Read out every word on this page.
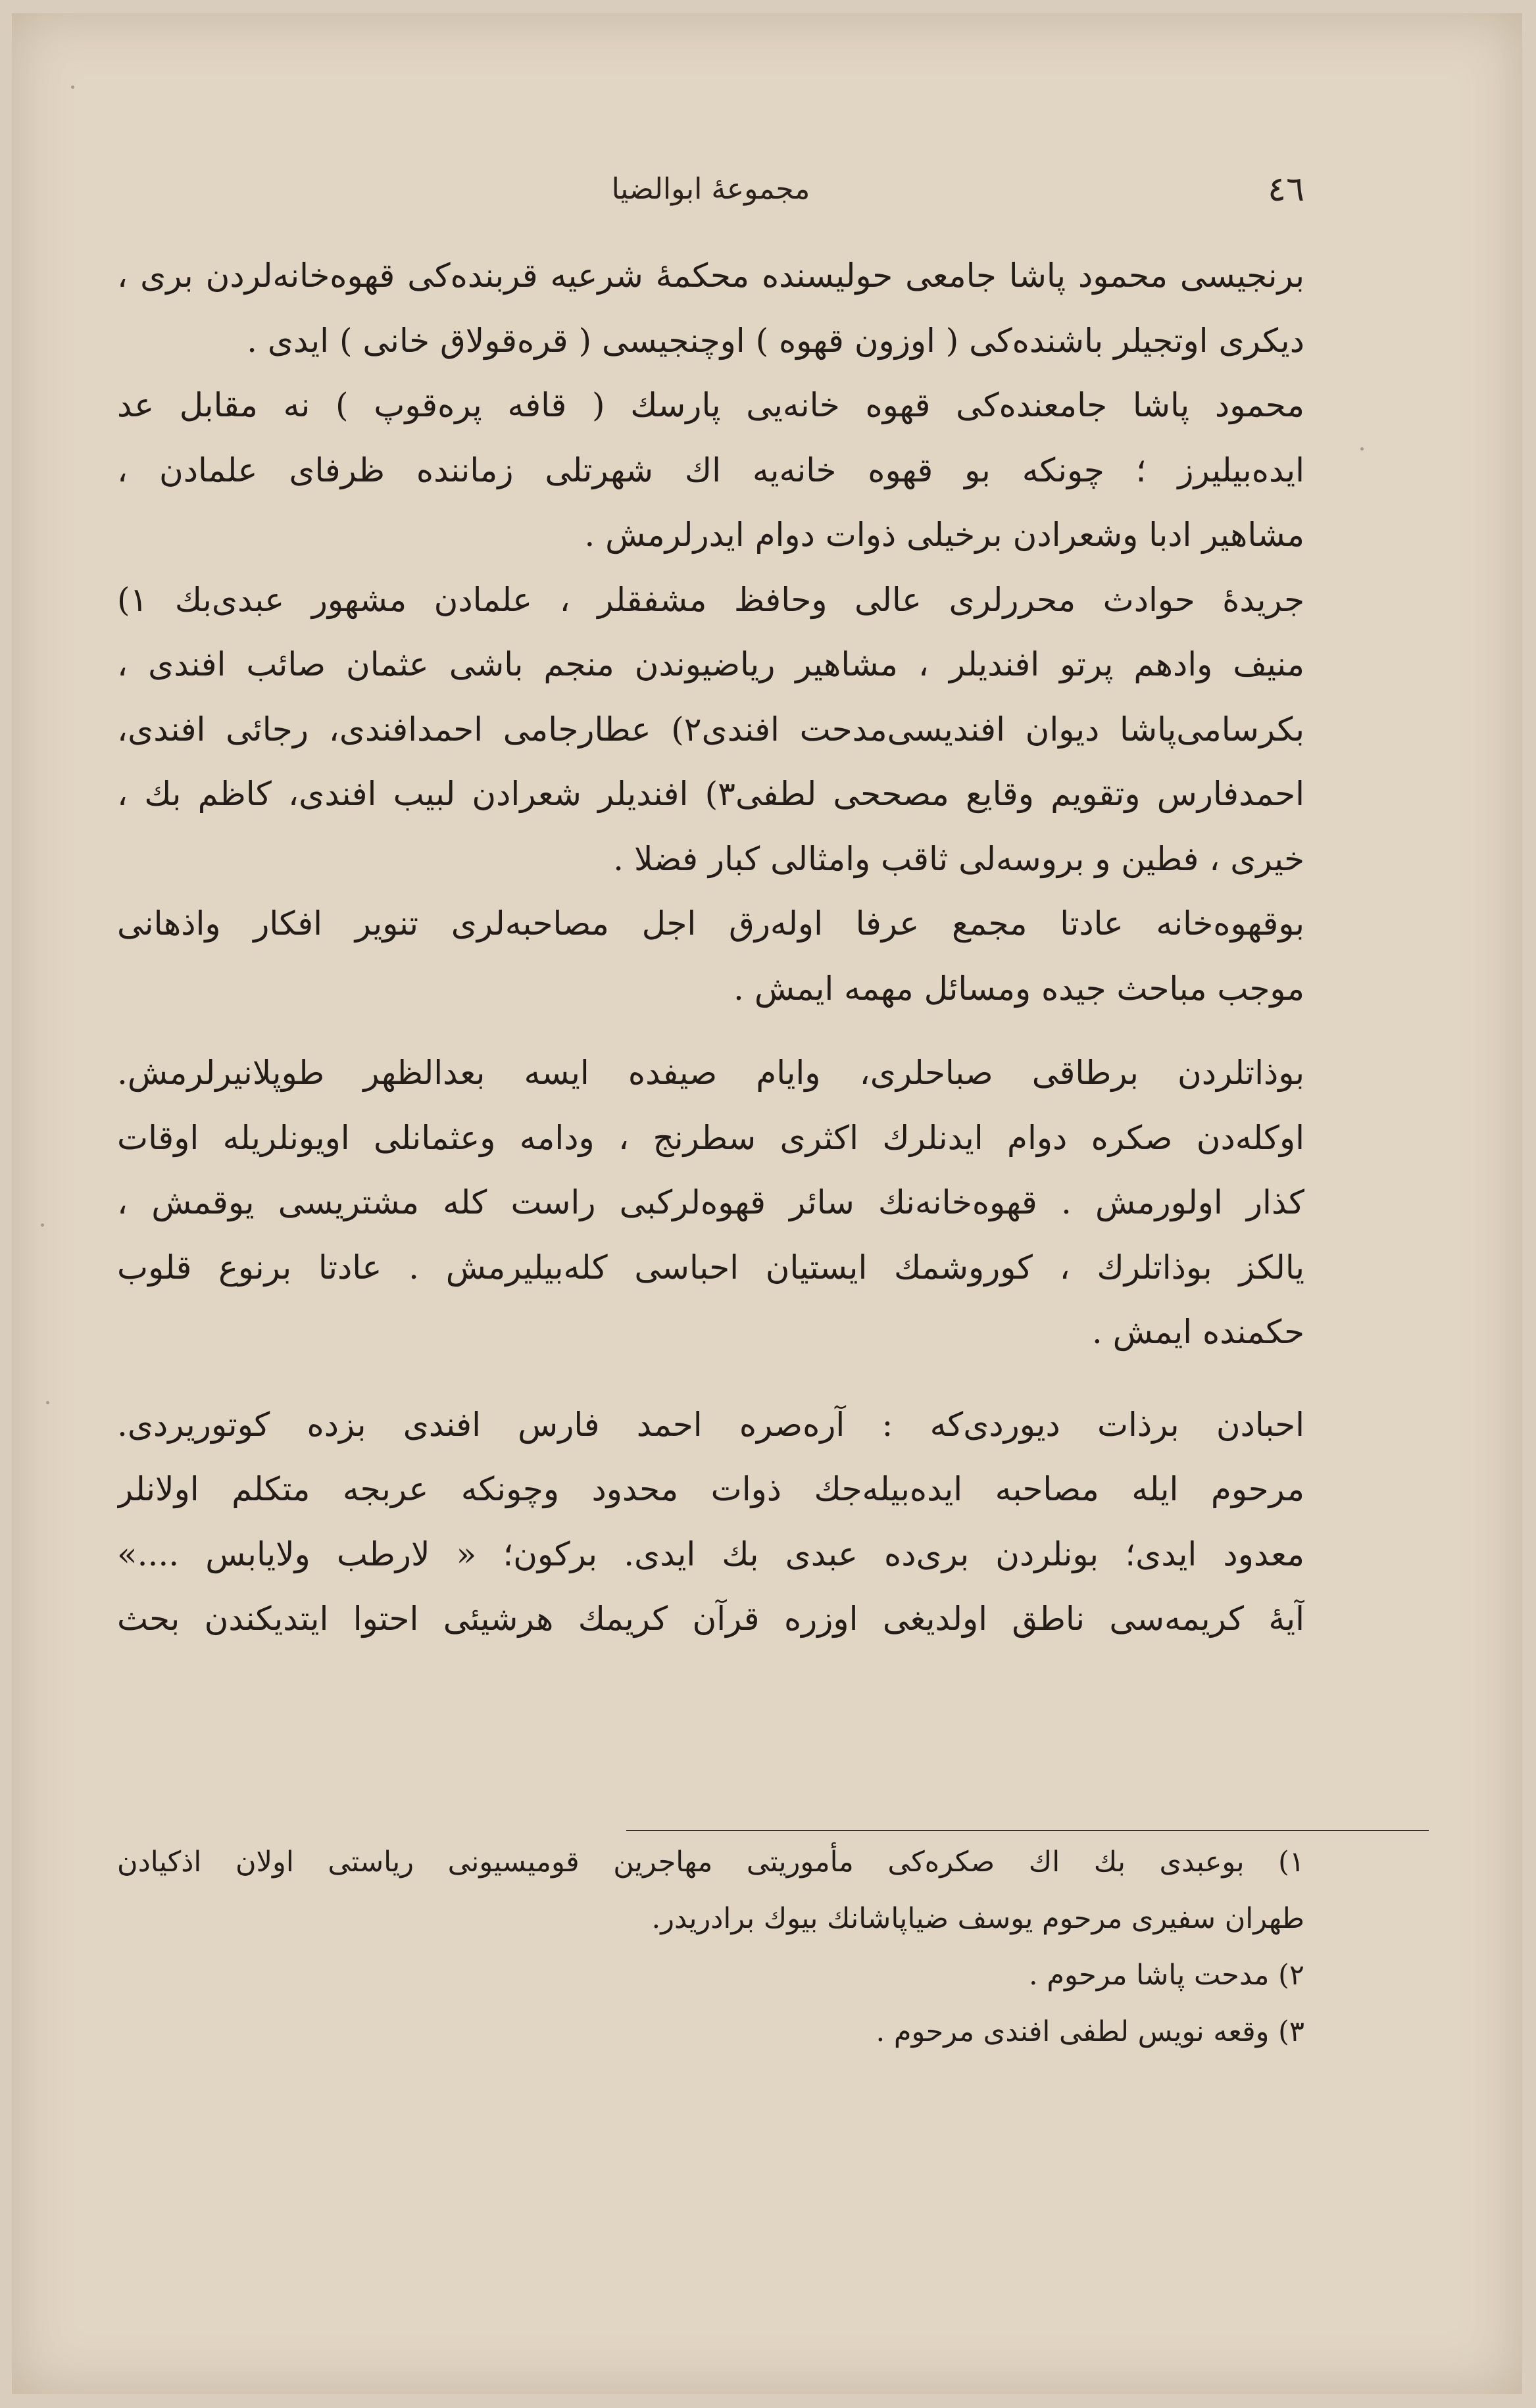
٤٦
مجموعهٔ ابوالضیا

برنجیسی محمود پاشا جامعی حولیسنده محکمهٔ شرعیه قربنده‌کی قهوه‌خانه‌لردن بری ،
دیکری اوتجیلر باشنده‌کی ( اوزون قهوه ) اوچنجیسی ( قره‌قولاق خانی ) ایدی .

محمود پاشا جامعنده‌کی قهوه خانه‌یی پارسك ( قافه پره‌قوپ ) نه مقابل عد
ایده‌بیلیرز ؛ چونکه بو قهوه خانه‌یه اك شهرتلی زماننده ظرفای علمادن ،
مشاهیر ادبا وشعرادن برخیلی ذوات دوام ایدرلرمش .

جریدهٔ حوادث محررلری عالی وحافظ مشفقلر ، علمادن مشهور عبدی‌بك ١)
منیف وادهم پرتو افندیلر ، مشاهیر ریاضیوندن منجم باشی عثمان صائب افندی ،
بکرسامی‌پاشا دیوان افندیسی‌مدحت افندی٢) عطارجامی احمدافندی، رجائی افندی،
احمدفارس وتقویم وقایع مصححی لطفی٣) افندیلر شعرادن لبیب افندی، کاظم بك ،
خیری ، فطین و بروسه‌لی ثاقب وامثالی کبار فضلا .

بوقهوه‌خانه عادتا مجمع عرفا اوله‌رق اجل مصاحبه‌لری تنویر افکار واذهانی
موجب مباحث جیده ومسائل مهمه ایمش .

بوذاتلردن برطاقی صباحلری، وایام صیفده ایسه بعدالظهر طوپلانیرلرمش.
اوکله‌دن صکره دوام ایدنلرك اکثری سطرنج ، ودامه وعثمانلی اویونلریله اوقات
کذار اولورمش . قهوه‌خانه‌نك سائر قهوه‌لرکبی راست کله مشتریسی یوقمش ،
یالکز بوذاتلرك ، کوروشمك ایستیان احباسی کله‌بیلیرمش . عادتا برنوع قلوب
حکمنده ایمش .

احبادن برذات دیوردی‌که : آره‌صره احمد فارس افندی بزده کوتوریردی.
مرحوم ایله مصاحبه ایده‌بیله‌جك ذوات محدود وچونکه عربجه متکلم اولانلر
معدود ایدی؛ بونلردن بری‌ده عبدی بك ایدی. برکون؛ « لارطب ولایابس ....»
آیهٔ کریمه‌سی ناطق اولدیغی اوزره قرآن کریمك هرشیئی احتوا ایتدیکندن بحث

١) بوعبدی بك اك صکره‌کی مأموریتی مهاجرین قومیسیونی ریاستی اولان اذکیادن
طهران سفیری مرحوم یوسف ضیاپاشانك بیوك برادریدر.
٢) مدحت پاشا مرحوم .
٣) وقعه نویس لطفی افندی مرحوم .
